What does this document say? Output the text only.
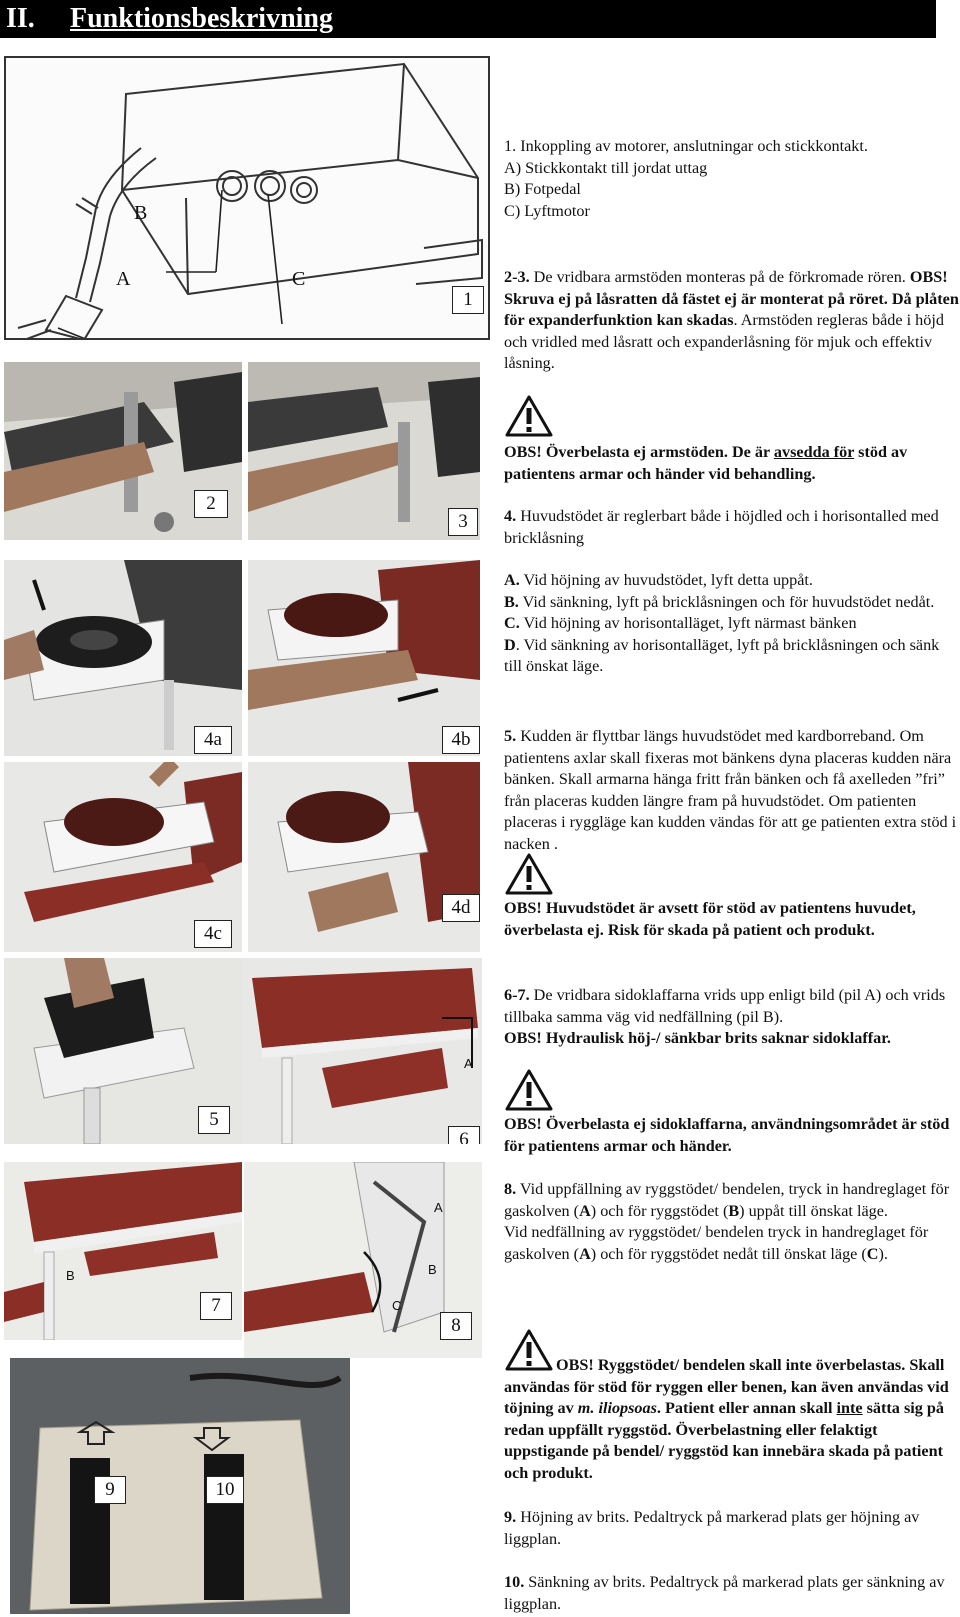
II. Funktionsbeskrivning
B
A	C
1
2
3
4a	4b
4c
4d
5
A
6
B
7
A
B
C
8
9	10

1. Inkoppling av motorer, anslutningar och stickkontakt.

A) Stickkontakt till jordat uttag

B) Fotpedal

C) Lyftmotor

2-3. De vridbara armstöden monteras på de förkromade rören. OBS! Skruva ej på låsratten då fästet ej är monterat på röret. Då plåten för expanderfunktion kan skadas. Armstöden regleras både i höjd och vridled med låsratt och expanderlåsning för mjuk och effektiv låsning.

OBS! Överbelasta ej armstöden. De är avsedda för stöd av patientens armar och händer vid behandling.

4. Huvudstödet är reglerbart både i höjdled och i horisontalled med bricklåsning

A. Vid höjning av huvudstödet, lyft detta uppåt.

B. Vid sänkning, lyft på bricklåsningen och för huvudstödet nedåt.

C. Vid höjning av horisontalläget, lyft närmast bänken

D. Vid sänkning av horisontalläget, lyft på bricklåsningen och sänk till önskat läge.

5. Kudden är flyttbar längs huvudstödet med kardborreband. Om patientens axlar skall fixeras mot bänkens dyna placeras kudden nära bänken. Skall armarna hänga fritt från bänken och få axelleden ”fri” från placeras kudden längre fram på huvudstödet. Om patienten placeras i ryggläge kan kudden vändas för att ge patienten extra stöd i nacken .

OBS! Huvudstödet är avsett för stöd av patientens huvudet, överbelasta ej. Risk för skada på patient och produkt.

6-7. De vridbara sidoklaffarna vrids upp enligt bild (pil A) och vrids tillbaka samma väg vid nedfällning (pil B).

OBS! Hydraulisk höj-/ sänkbar brits saknar sidoklaffar.

OBS! Överbelasta ej sidoklaffarna, användningsområdet är stöd för patientens armar och händer.

8. Vid uppfällning av ryggstödet/ bendelen, tryck in handreglaget för gaskolven (A) och för ryggstödet (B) uppåt till önskat läge.

Vid nedfällning av ryggstödet/ bendelen tryck in handreglaget för gaskolven (A) och för ryggstödet nedåt till önskat läge (C).

OBS! Ryggstödet/ bendelen skall inte överbelastas. Skall användas för stöd för ryggen eller benen, kan även användas vid töjning av m. iliopsoas. Patient eller annan skall inte sätta sig på redan uppfällt ryggstöd. Överbelastning eller felaktigt uppstigande på bendel/ ryggstöd kan innebära skada på patient och produkt.

9. Höjning av brits. Pedaltryck på markerad plats ger höjning av liggplan.

10. Sänkning av brits. Pedaltryck på markerad plats ger sänkning av liggplan.
